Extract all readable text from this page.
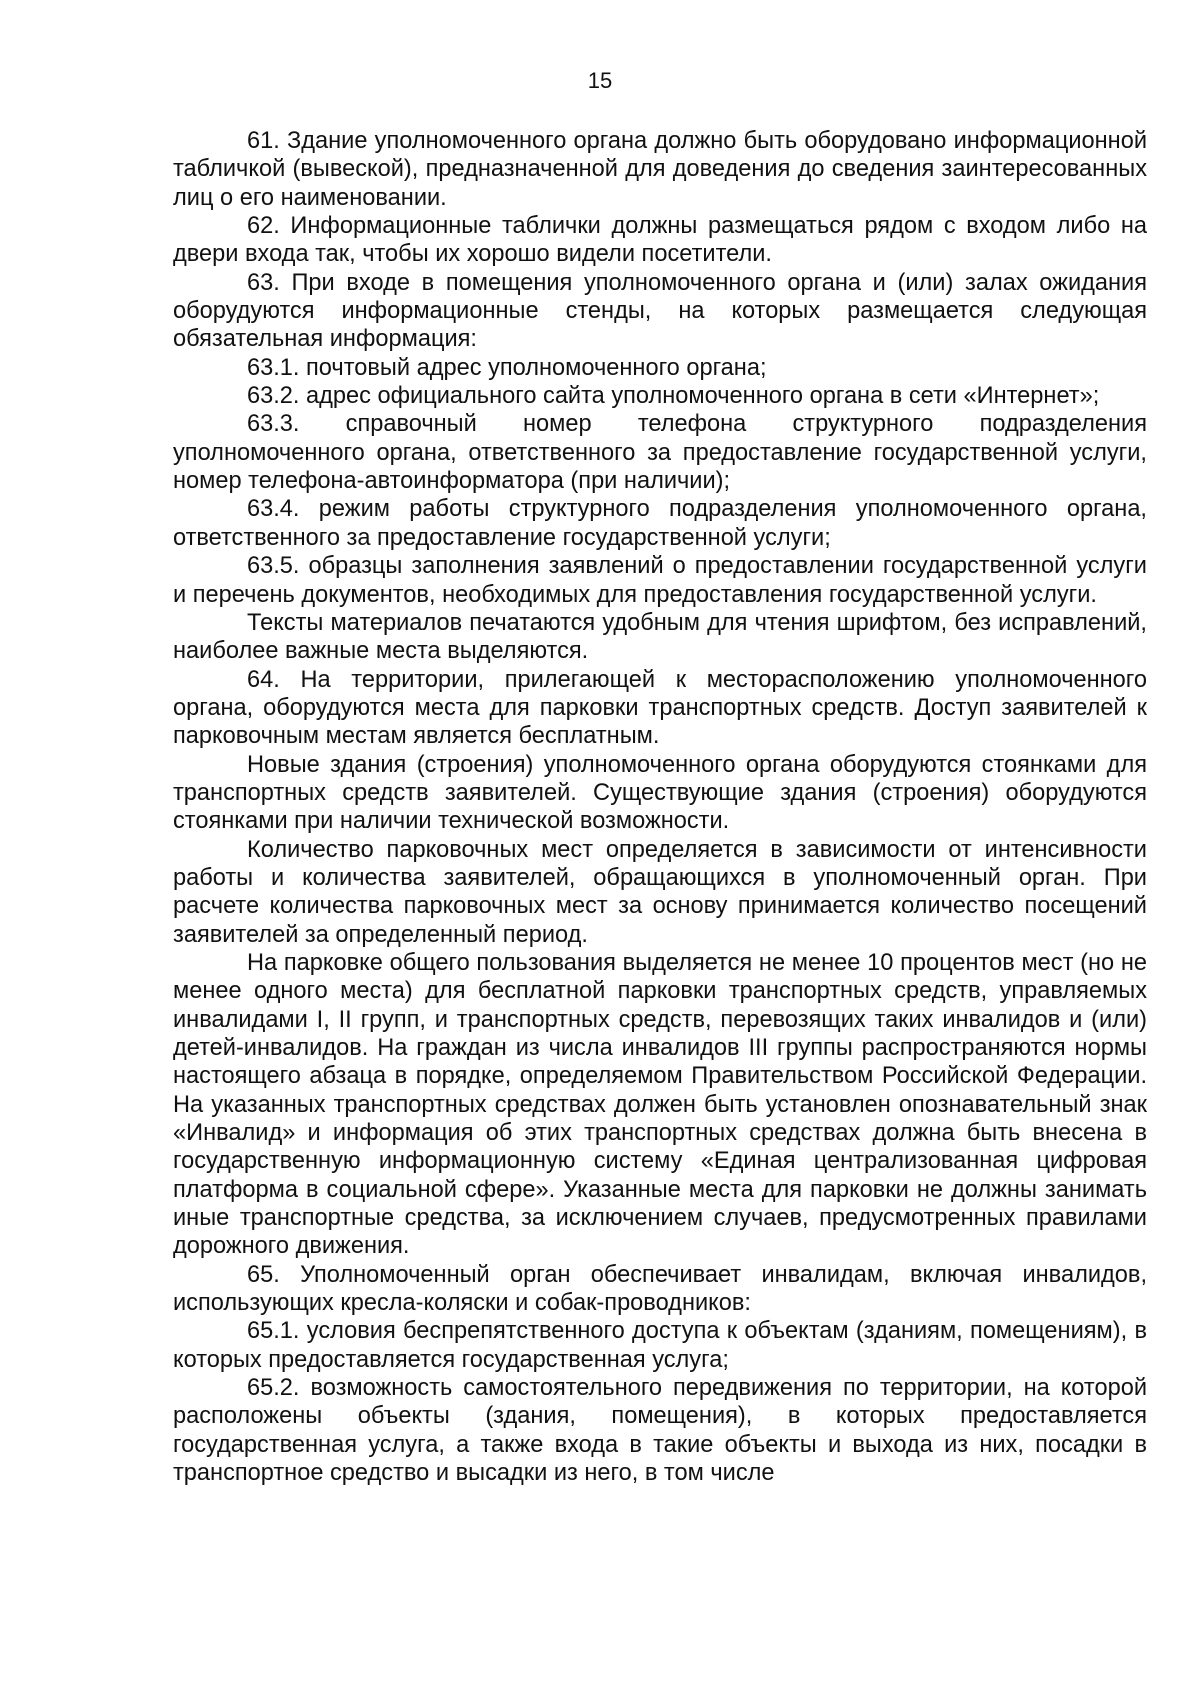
15

61. Здание уполномоченного органа должно быть оборудовано информационной табличкой (вывеской), предназначенной для доведения до сведения заинтересованных лиц о его наименовании.

62. Информационные таблички должны размещаться рядом с входом либо на двери входа так, чтобы их хорошо видели посетители.

63. При входе в помещения уполномоченного органа и (или) залах ожидания оборудуются информационные стенды, на которых размещается следующая обязательная информация:

63.1. почтовый адрес уполномоченного органа;

63.2. адрес официального сайта уполномоченного органа в сети «Интернет»;

63.3. справочный номер телефона структурного подразделения уполномоченного органа, ответственного за предоставление государственной услуги, номер телефона-автоинформатора (при наличии);

63.4. режим работы структурного подразделения уполномоченного органа, ответственного за предоставление государственной услуги;

63.5. образцы заполнения заявлений о предоставлении государственной услуги и перечень документов, необходимых для предоставления государственной услуги.

Тексты материалов печатаются удобным для чтения шрифтом, без исправлений, наиболее важные места выделяются.

64. На территории, прилегающей к месторасположению уполномоченного органа, оборудуются места для парковки транспортных средств. Доступ заявителей к парковочным местам является бесплатным.

Новые здания (строения) уполномоченного органа оборудуются стоянками для транспортных средств заявителей. Существующие здания (строения) оборудуются стоянками при наличии технической возможности.

Количество парковочных мест определяется в зависимости от интенсивности работы и количества заявителей, обращающихся в уполномоченный орган. При расчете количества парковочных мест за основу принимается количество посещений заявителей за определенный период.

На парковке общего пользования выделяется не менее 10 процентов мест (но не менее одного места) для бесплатной парковки транспортных средств, управляемых инвалидами I, II групп, и транспортных средств, перевозящих таких инвалидов и (или) детей-инвалидов. На граждан из числа инвалидов III группы распространяются нормы настоящего абзаца в порядке, определяемом Правительством Российской Федерации. На указанных транспортных средствах должен быть установлен опознавательный знак «Инвалид» и информация об этих транспортных средствах должна быть внесена в государственную информационную систему «Единая централизованная цифровая платформа в социальной сфере». Указанные места для парковки не должны занимать иные транспортные средства, за исключением случаев, предусмотренных правилами дорожного движения.

65. Уполномоченный орган обеспечивает инвалидам, включая инвалидов, использующих кресла-коляски и собак-проводников:

65.1. условия беспрепятственного доступа к объектам (зданиям, помещениям), в которых предоставляется государственная услуга;

65.2. возможность самостоятельного передвижения по территории, на которой расположены объекты (здания, помещения), в которых предоставляется государственная услуга, а также входа в такие объекты и выхода из них, посадки в транспортное средство и высадки из него, в том числе
